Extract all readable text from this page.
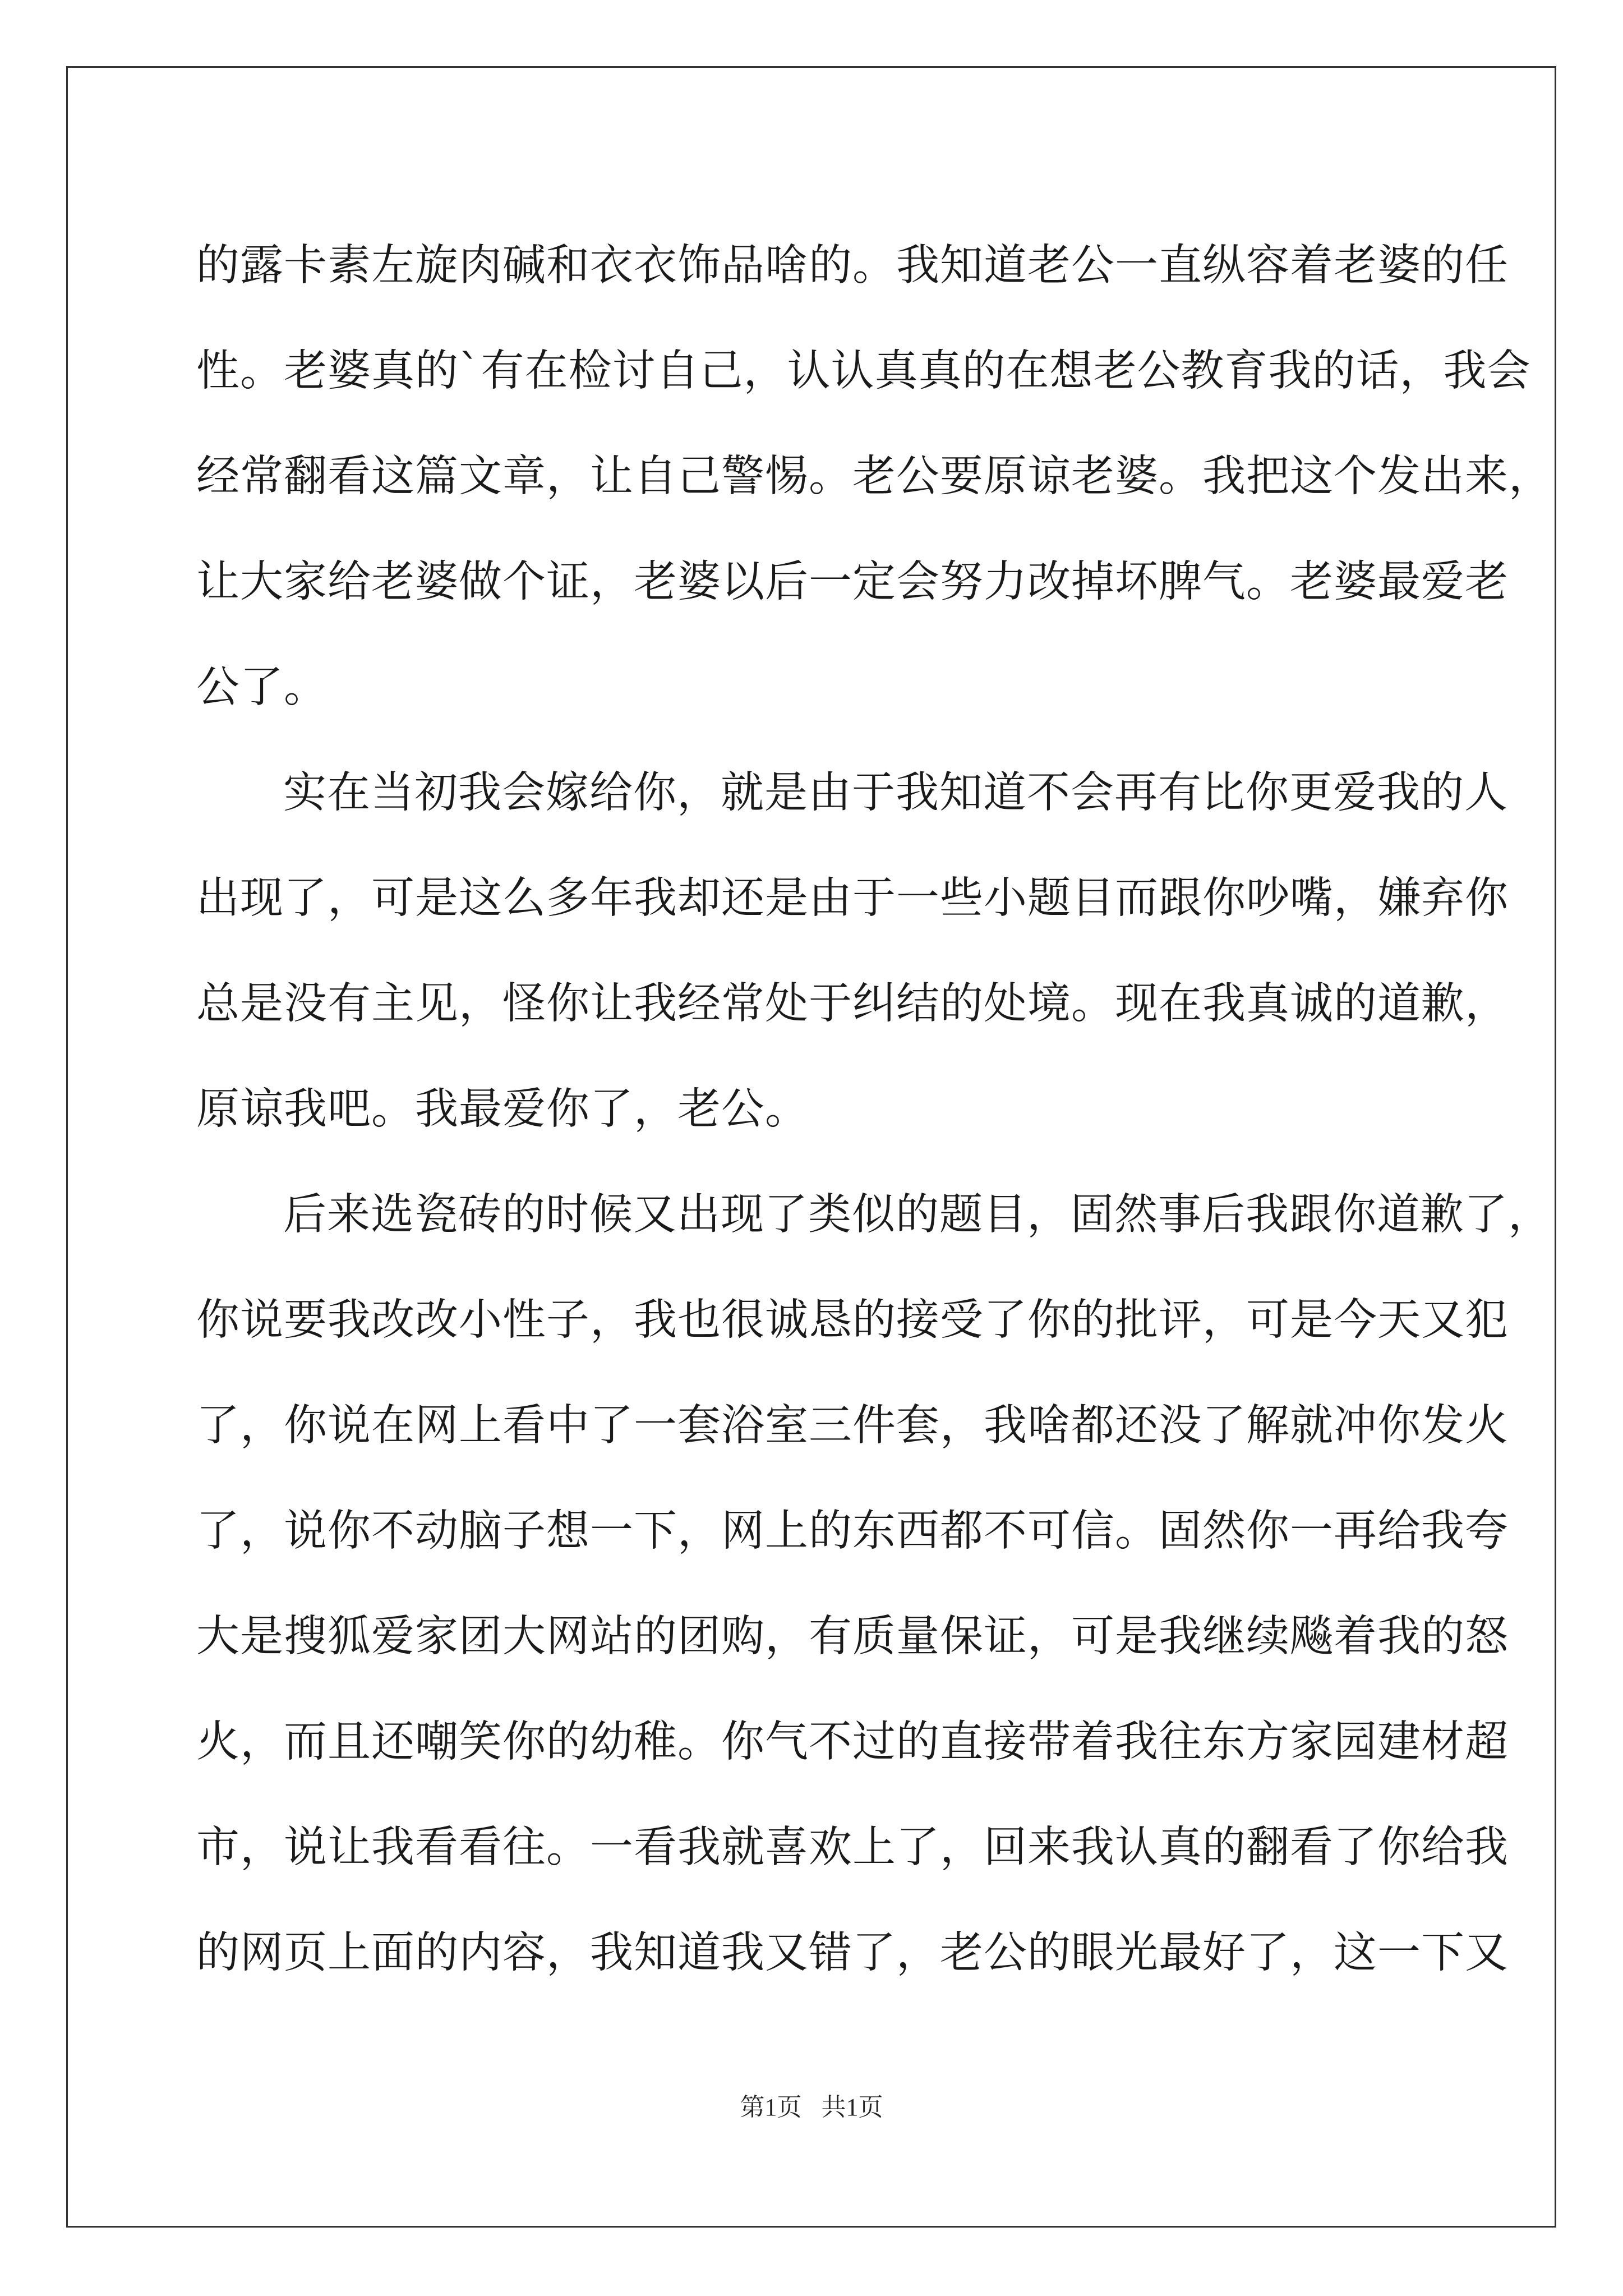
的露卡素左旋肉碱和衣衣饰品啥的。我知道老公一直纵容着老婆的任
性。老婆真的`有在检讨自己，认认真真的在想老公教育我的话，我会
经常翻看这篇文章，让自己警惕。老公要原谅老婆。我把这个发出来，
让大家给老婆做个证，老婆以后一定会努力改掉坏脾气。老婆最爱老
公了。
实在当初我会嫁给你，就是由于我知道不会再有比你更爱我的人
出现了，可是这么多年我却还是由于一些小题目而跟你吵嘴，嫌弃你
总是没有主见，怪你让我经常处于纠结的处境。现在我真诚的道歉，
原谅我吧。我最爱你了，老公。
后来选瓷砖的时候又出现了类似的题目，固然事后我跟你道歉了，
你说要我改改小性子，我也很诚恳的接受了你的批评，可是今天又犯
了，你说在网上看中了一套浴室三件套，我啥都还没了解就冲你发火
了，说你不动脑子想一下，网上的东西都不可信。固然你一再给我夸
大是搜狐爱家团大网站的团购，有质量保证，可是我继续飚着我的怒
火，而且还嘲笑你的幼稚。你气不过的直接带着我往东方家园建材超
市，说让我看看往。一看我就喜欢上了，回来我认真的翻看了你给我
的网页上面的内容，我知道我又错了，老公的眼光最好了，这一下又
第1页 共1页
